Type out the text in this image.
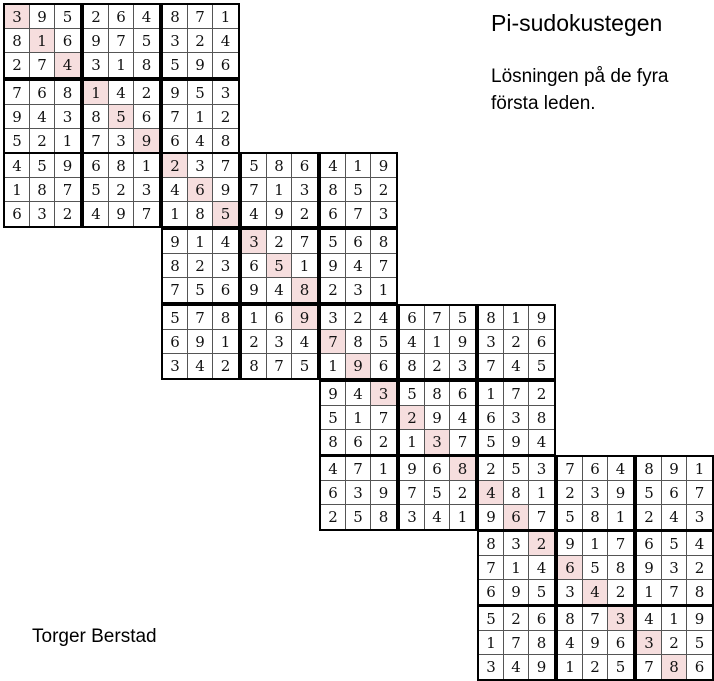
3	9	5
8	1	6
2	7	4
2	6	4
9	7	5
3	1	8
8	7	1
3	2	4
5	9	6
7	6	8
9	4	3
5	2	1
1	4	2
8	5	6
7	3	9
9	5	3
7	1	2
6	4	8
4	5	9
1	8	7
6	3	2
6	8	1
5	2	3
4	9	7
2	3	7
4	6	9
1	8	5
5	8	6
7	1	3
4	9	2
4	1	9
8	5	2
6	7	3
9	1	4
8	2	3
7	5	6
3	2	7
6	5	1
9	4	8
5	6	8
9	4	7
2	3	1
5	7	8
6	9	1
3	4	2
1	6	9
2	3	4
8	7	5
3	2	4
7	8	5
1	9	6
6	7	5
4	1	9
8	2	3
8	1	9
3	2	6
7	4	5
9	4	3
5	1	7
8	6	2
5	8	6
2	9	4
1	3	7
1	7	2
6	3	8
5	9	4
4	7	1
6	3	9
2	5	8
9	6	8
7	5	2
3	4	1
2	5	3
4	8	1
9	6	7
7	6	4
2	3	9
5	8	1
8	9	1
5	6	7
2	4	3
8	3	2
7	1	4
6	9	5
9	1	7
6	5	8
3	4	2
6	5	4
9	3	2
1	7	8
5	2	6
1	7	8
3	4	9
8	7	3
4	9	6
1	2	5
4	1	9
3	2	5
7	8	6
Pi-sudokustegen
Lösningen på de fyra första leden.
Torger Berstad
